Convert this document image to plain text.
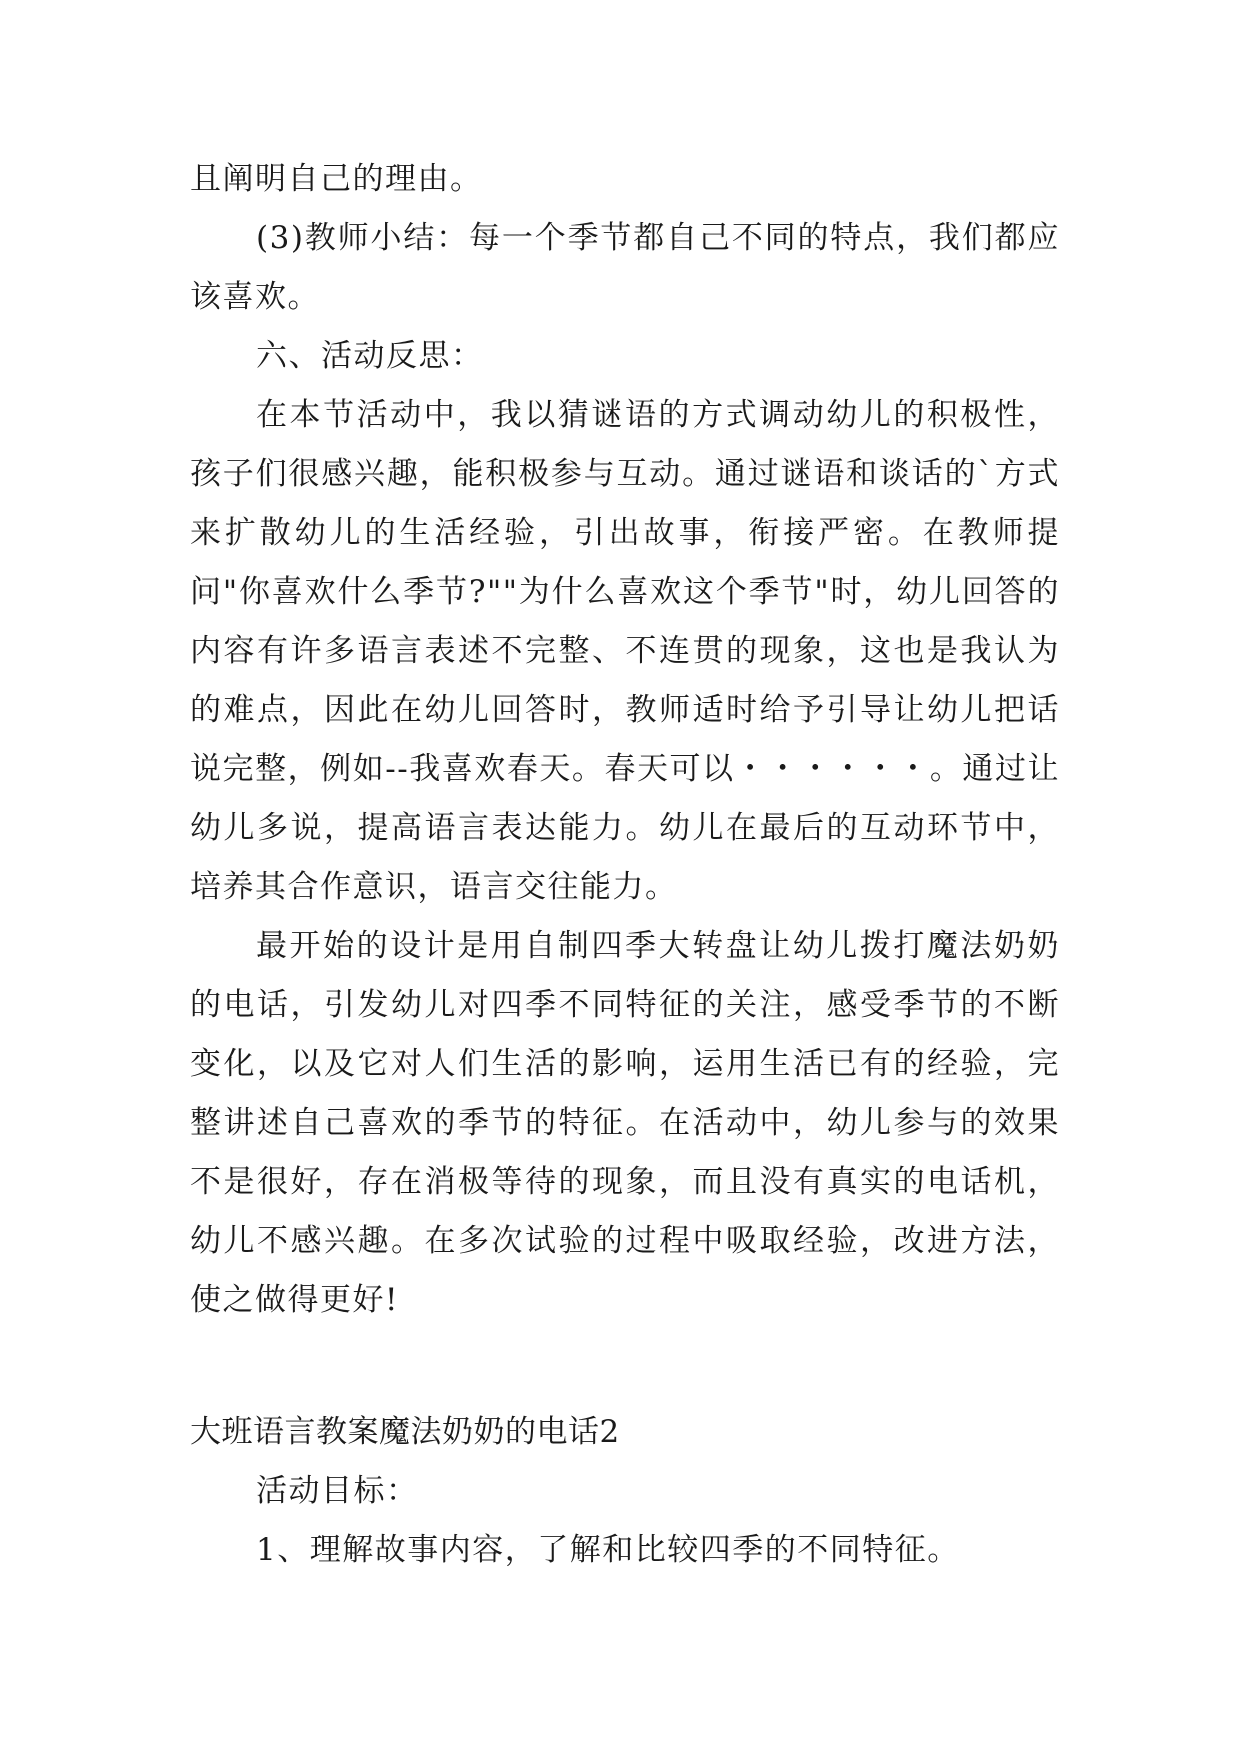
且阐明自己的理由。

(3)教师小结：每一个季节都自己不同的特点，我们都应该喜欢。

六、活动反思：

在本节活动中，我以猜谜语的方式调动幼儿的积极性，孩子们很感兴趣，能积极参与互动。通过谜语和谈话的`方式来扩散幼儿的生活经验，引出故事，衔接严密。在教师提问"你喜欢什么季节?""为什么喜欢这个季节"时，幼儿回答的内容有许多语言表述不完整、不连贯的现象，这也是我认为的难点，因此在幼儿回答时，教师适时给予引导让幼儿把话说完整，例如--我喜欢春天。春天可以・・・・・・。通过让幼儿多说，提高语言表达能力。幼儿在最后的互动环节中，培养其合作意识，语言交往能力。

最开始的设计是用自制四季大转盘让幼儿拨打魔法奶奶的电话，引发幼儿对四季不同特征的关注，感受季节的不断变化，以及它对人们生活的影响，运用生活已有的经验，完整讲述自己喜欢的季节的特征。在活动中，幼儿参与的效果不是很好，存在消极等待的现象，而且没有真实的电话机，幼儿不感兴趣。在多次试验的过程中吸取经验，改进方法，使之做得更好!

大班语言教案魔法奶奶的电话2

活动目标：

1、理解故事内容，了解和比较四季的不同特征。
